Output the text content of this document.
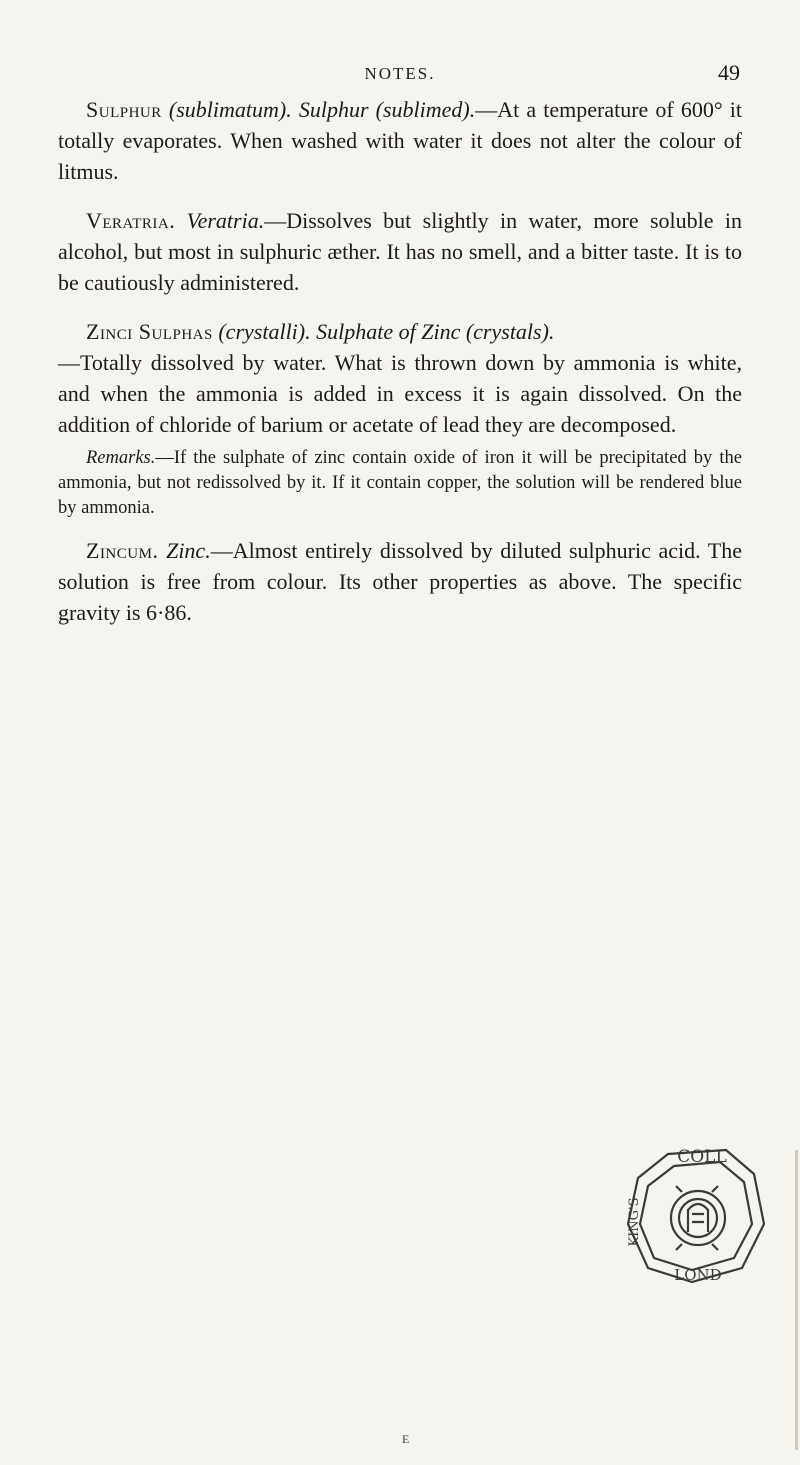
NOTES.	49

Sulphur (sublimatum). Sulphur (sublimed).—At a temperature of 600° it totally evaporates. When washed with water it does not alter the colour of litmus.

Veratria. Veratria.—Dissolves but slightly in water, more soluble in alcohol, but most in sulphuric æther. It has no smell, and a bitter taste. It is to be cautiously administered.

Zinci Sulphas (crystalli). Sulphate of Zinc (crystals).
—Totally dissolved by water. What is thrown down by ammonia is white, and when the ammonia is added in excess it is again dissolved. On the addition of chloride of barium or acetate of lead they are decomposed.

Remarks.—If the sulphate of zinc contain oxide of iron it will be precipitated by the ammonia, but not redissolved by it. If it contain copper, the solution will be rendered blue by ammonia.

Zincum. Zinc.—Almost entirely dissolved by diluted sulphuric acid. The solution is free from colour. Its other properties as above. The specific gravity is 6·86.

COLL
KING'S
LOND
E
